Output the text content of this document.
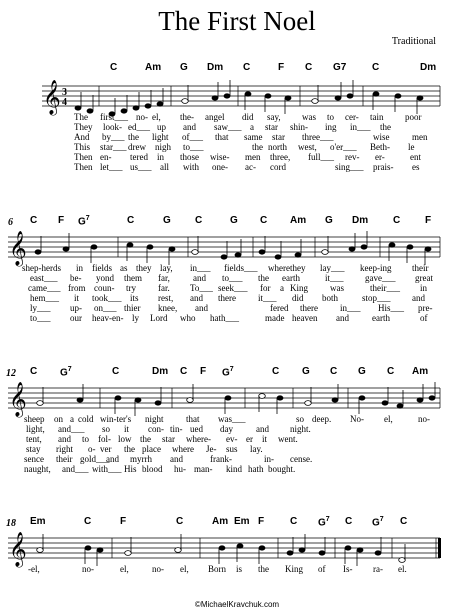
The First Noel
Traditional
C	Am G Dm C	F C G7	C	Dm
𝄞 3
4
The first___ no- el, the- angel did say, was to cer- tain poor
They look- ed___ up and saw___ a star shin- ing in___ the
And by___ the light of___ that same star three___	wise	men
This star___ drew nigh to___	the north west, o'er___ Beth- le
Then en- tered in those wise- men three, full___ rev- er-	ent
Then let___ us___ all with one- ac- cord	sing___ prais- es
6 C F $G^7$	C	G C	G C Am G Dm C F
𝄞
shep-herds in fields as they lay, in___ fields___ where they lay___ keep-ing their
east___ be- yond them far,	and to___ the earth	it___ gave___ great
came___ from coun- try far. To___ seek___ for a King was	their___ in
hem___ it took___ its rest, and there it___ did both	stop___ and
ly___ up- on___ thier knee, and	fered there in___ His___ pre-
to___ our heav-en- ly Lord who hath___	made heaven and	earth	of
12 C $G^7$	C	Dm C F $G^7$	C G C G C Am
𝄞
sheep on a cold win-ter's night that was___	so deep. No- el,	no-
light, and___ so it con- tin- ued day	and night.
tent, and to fol- low the star where- ev- er it went.
stay right o- ver the place where Je- sus lay.
sence their gold___
and myrrh and	frank-	in- cense.
naught, and___ with___ His blood hu- man- kind hath bought.
18 Em	C	F	C	Am Em F	C $G^7$ C $G^7$ C
𝄞
-el,	no-	el,	no- el, Born is the King of Is- ra- el.
©MichaelKravchuk.com
